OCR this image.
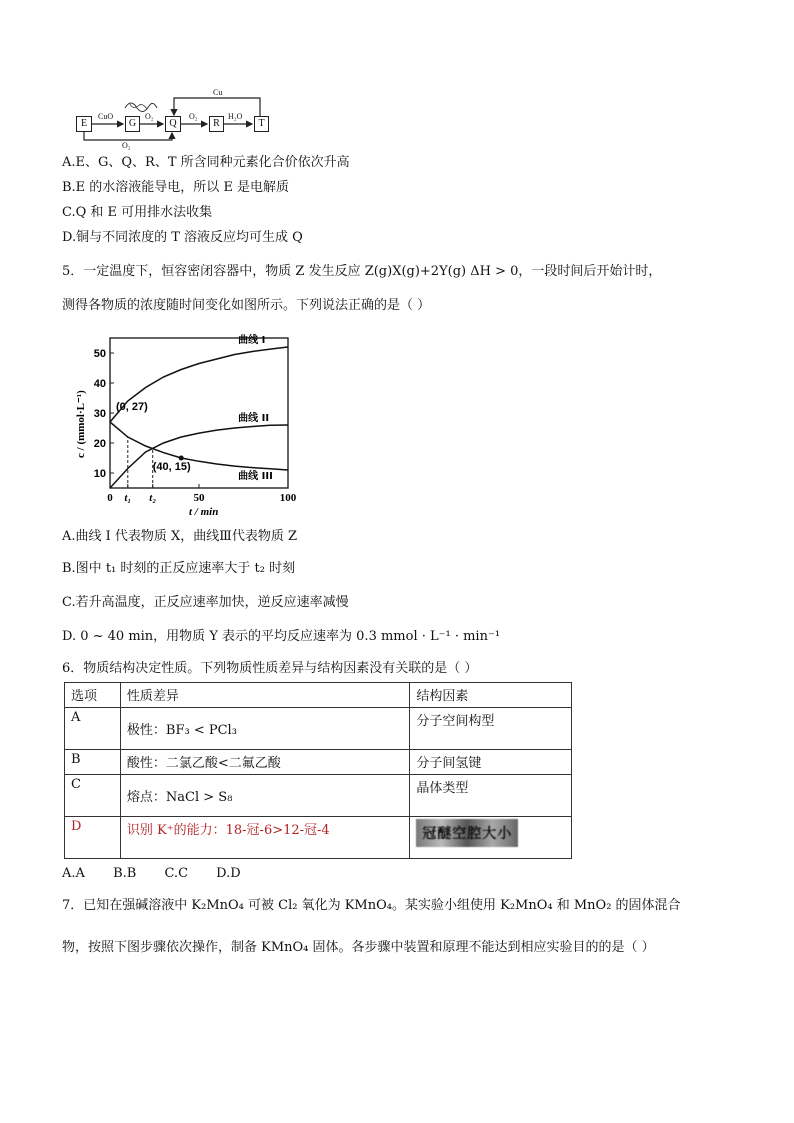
E	G	Q	R	T
CuO	O₂
O₂
O₂	H₂O
Cu
A.E、G、Q、R、T 所含同种元素化合价依次升高
B.E 的水溶液能导电，所以 E 是电解质
C.Q 和 E 可用排水法收集
D.铜与不同浓度的 T 溶液反应均可生成 Q
5．一定温度下，恒容密闭容器中，物质 Z 发生反应 Z(g)X(g)+2Y(g) ΔH > 0，一段时间后开始计时，
测得各物质的浓度随时间变化如图所示。下列说法正确的是（ ）
10
20
30
40
50
0 t₁ t₂	50	100
t / min
c / (mmol·L⁻¹)
曲线 I
曲线 II
曲线 III
(0, 27)
(40, 15)
A.曲线 I 代表物质 X，曲线Ⅲ代表物质 Z
B.图中 t₁ 时刻的正反应速率大于 t₂ 时刻
C.若升高温度，正反应速率加快，逆反应速率减慢
D. 0 ~ 40 min，用物质 Y 表示的平均反应速率为 0.3 mmol · L⁻¹ · min⁻¹
6．物质结构决定性质。下列物质性质差异与结构因素没有关联的是（ ）
选项	性质差异	结构因素
A	极性：BF₃ < PCl₃	分子空间构型
B	酸性：二氯乙酸<二氟乙酸	分子间氢键
C	熔点：NaCl > S₈	晶体类型
D	识别 K⁺的能力：18-冠-6>12-冠-4	冠醚空腔大小
A.A B.B C.C D.D
7．已知在强碱溶液中 K₂MnO₄ 可被 Cl₂ 氧化为 KMnO₄。某实验小组使用 K₂MnO₄ 和 MnO₂ 的固体混合
物，按照下图步骤依次操作，制备 KMnO₄ 固体。各步骤中装置和原理不能达到相应实验目的的是（ ）
